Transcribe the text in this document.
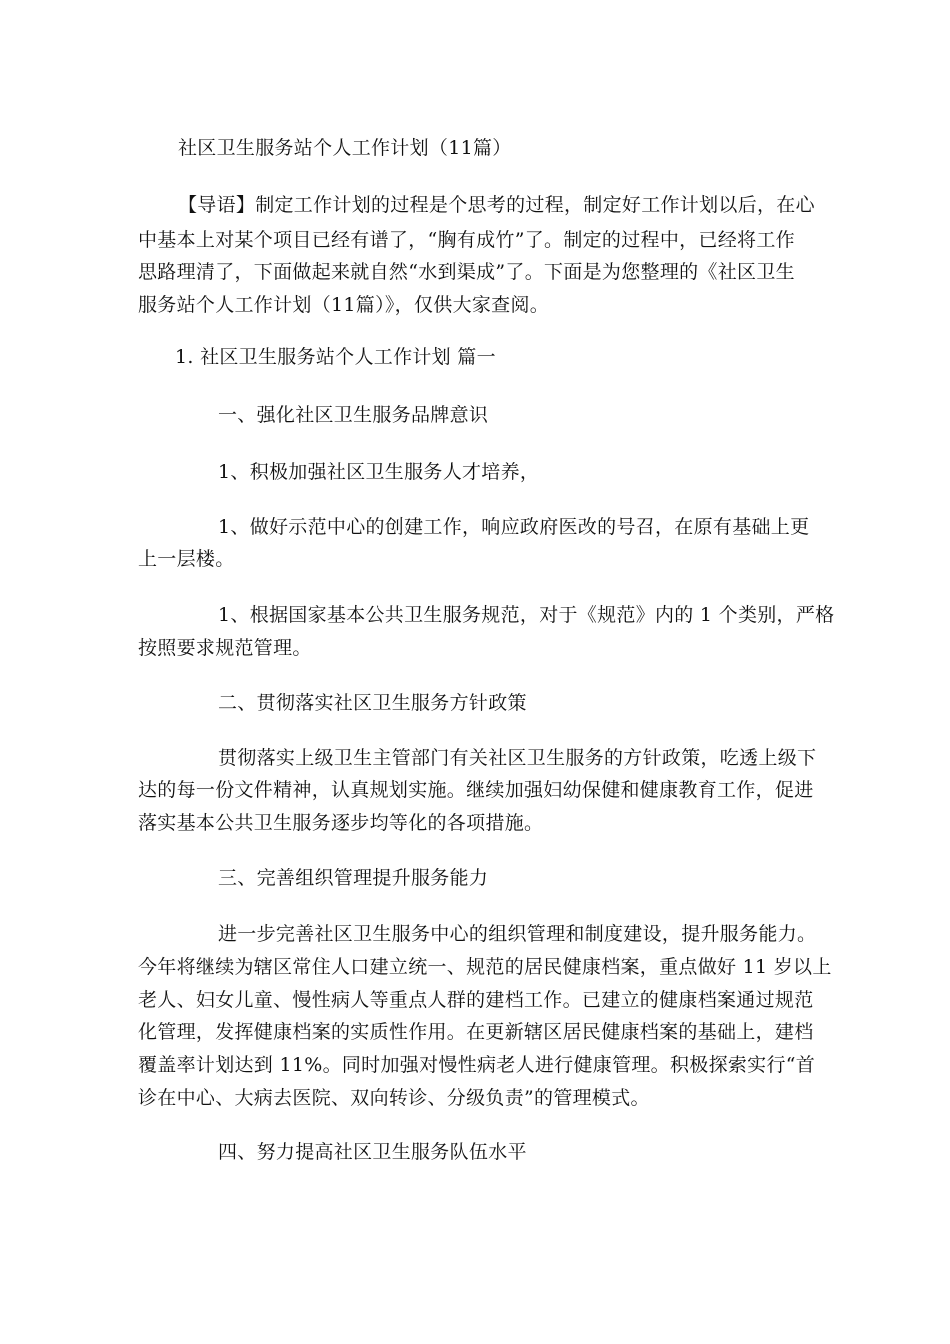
社区卫生服务站个人工作计划（11篇）
【导语】制定工作计划的过程是个思考的过程，制定好工作计划以后，在心
中基本上对某个项目已经有谱了，“胸有成竹”了。制定的过程中，已经将工作
思路理清了，下面做起来就自然“水到渠成”了。下面是为您整理的《社区卫生
服务站个人工作计划（11篇）》，仅供大家查阅。
1. 社区卫生服务站个人工作计划 篇一
一、强化社区卫生服务品牌意识
1、积极加强社区卫生服务人才培养，
1、做好示范中心的创建工作，响应政府医改的号召，在原有基础上更
上一层楼。
1、根据国家基本公共卫生服务规范，对于《规范》内的 1 个类别，严格
按照要求规范管理。
二、贯彻落实社区卫生服务方针政策
贯彻落实上级卫生主管部门有关社区卫生服务的方针政策，吃透上级下
达的每一份文件精神，认真规划实施。继续加强妇幼保健和健康教育工作，促进
落实基本公共卫生服务逐步均等化的各项措施。
三、完善组织管理提升服务能力
进一步完善社区卫生服务中心的组织管理和制度建设，提升服务能力。
今年将继续为辖区常住人口建立统一、规范的居民健康档案，重点做好 11 岁以上
老人、妇女儿童、慢性病人等重点人群的建档工作。已建立的健康档案通过规范
化管理，发挥健康档案的实质性作用。在更新辖区居民健康档案的基础上，建档
覆盖率计划达到 11%。同时加强对慢性病老人进行健康管理。积极探索实行“首
诊在中心、大病去医院、双向转诊、分级负责”的管理模式。
四、努力提高社区卫生服务队伍水平
